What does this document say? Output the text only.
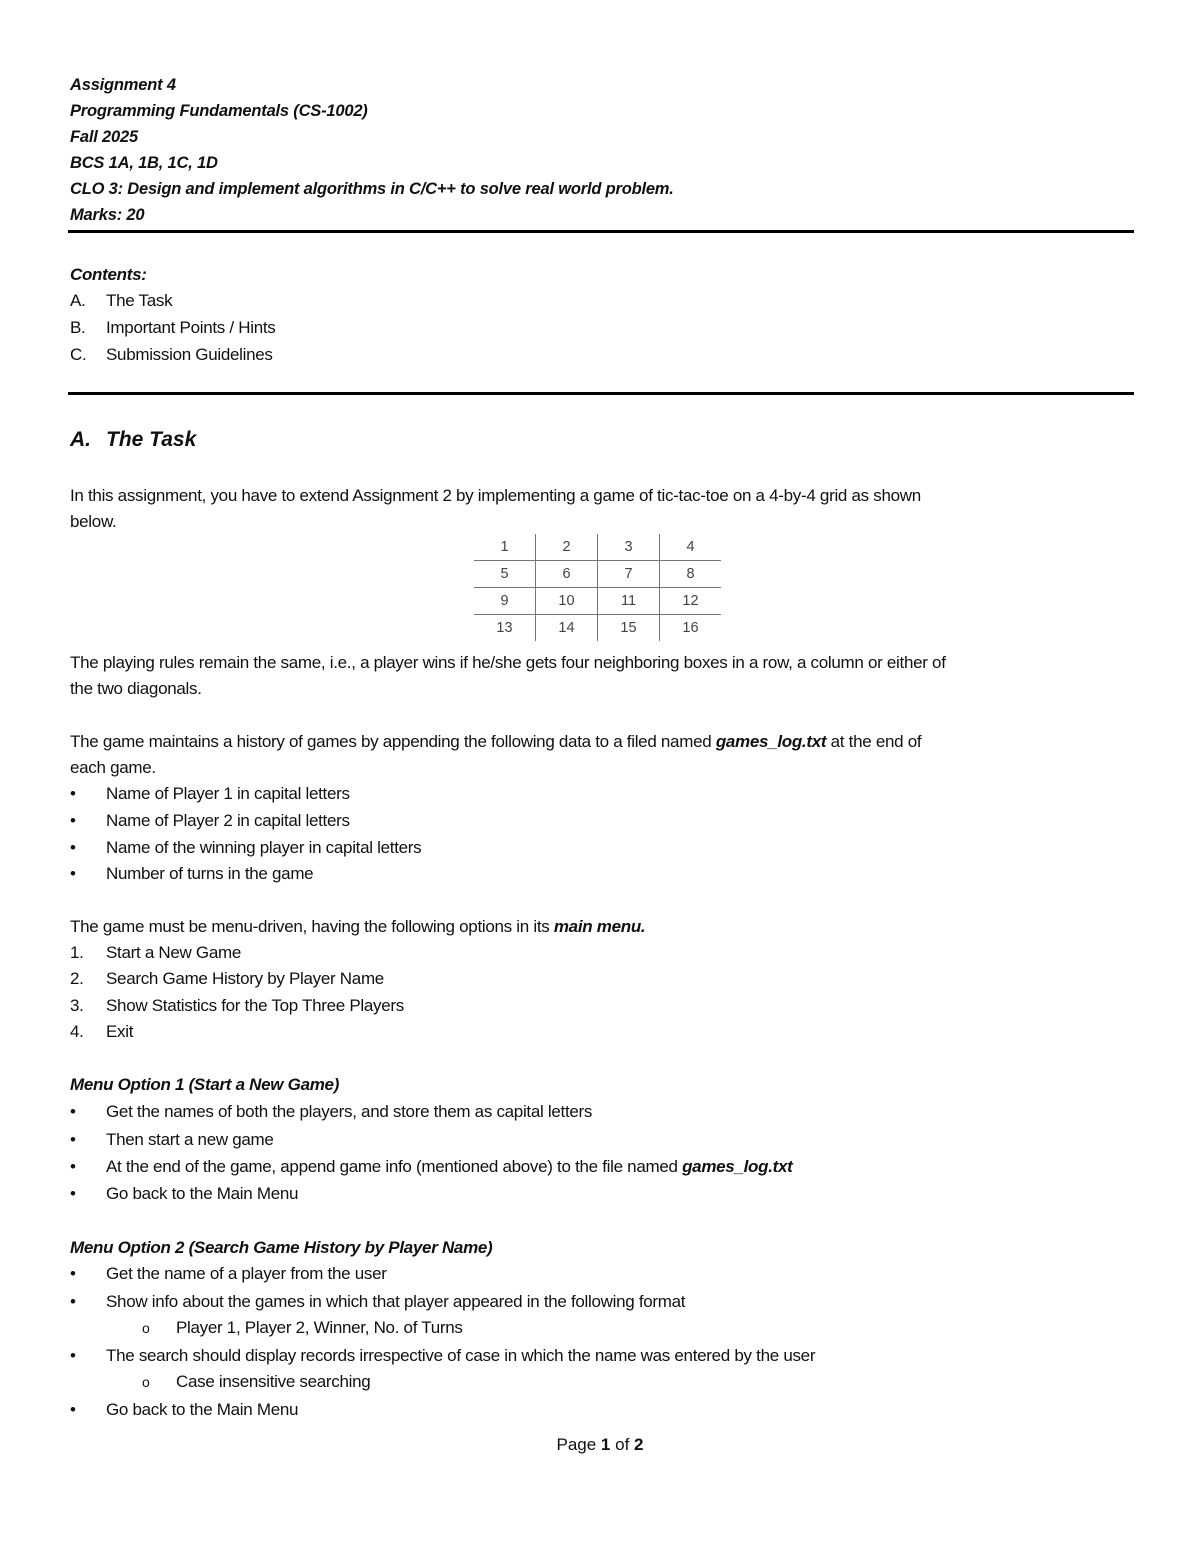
Assignment 4
Programming Fundamentals (CS-1002)
Fall 2025
BCS 1A, 1B, 1C, 1D
CLO 3: Design and implement algorithms in C/C++ to solve real world problem.
Marks: 20
Contents:
A. The Task
B. Important Points / Hints
C. Submission Guidelines
A. The Task
In this assignment, you have to extend Assignment 2 by implementing a game of tic-tac-toe on a 4-by-4 grid as shown
below.
The playing rules remain the same, i.e., a player wins if he/she gets four neighboring boxes in a row, a column or either of
the two diagonals.
The game maintains a history of games by appending the following data to a filed named games_log.txt at the end of
each game.
• Name of Player 1 in capital letters
• Name of Player 2 in capital letters
• Name of the winning player in capital letters
• Number of turns in the game
The game must be menu-driven, having the following options in its main menu.
1. Start a New Game
2. Search Game History by Player Name
3. Show Statistics for the Top Three Players
4. Exit
Menu Option 1 (Start a New Game)
• Get the names of both the players, and store them as capital letters
• Then start a new game
• At the end of the game, append game info (mentioned above) to the file named games_log.txt
• Go back to the Main Menu
Menu Option 2 (Search Game History by Player Name)
• Get the name of a player from the user
• Show info about the games in which that player appeared in the following format
o Player 1, Player 2, Winner, No. of Turns
• The search should display records irrespective of case in which the name was entered by the user
o Case insensitive searching
• Go back to the Main Menu
1	2	3	4
5	6	7	8
9	10	11	12
13	14	15	16
Page 1 of 2
